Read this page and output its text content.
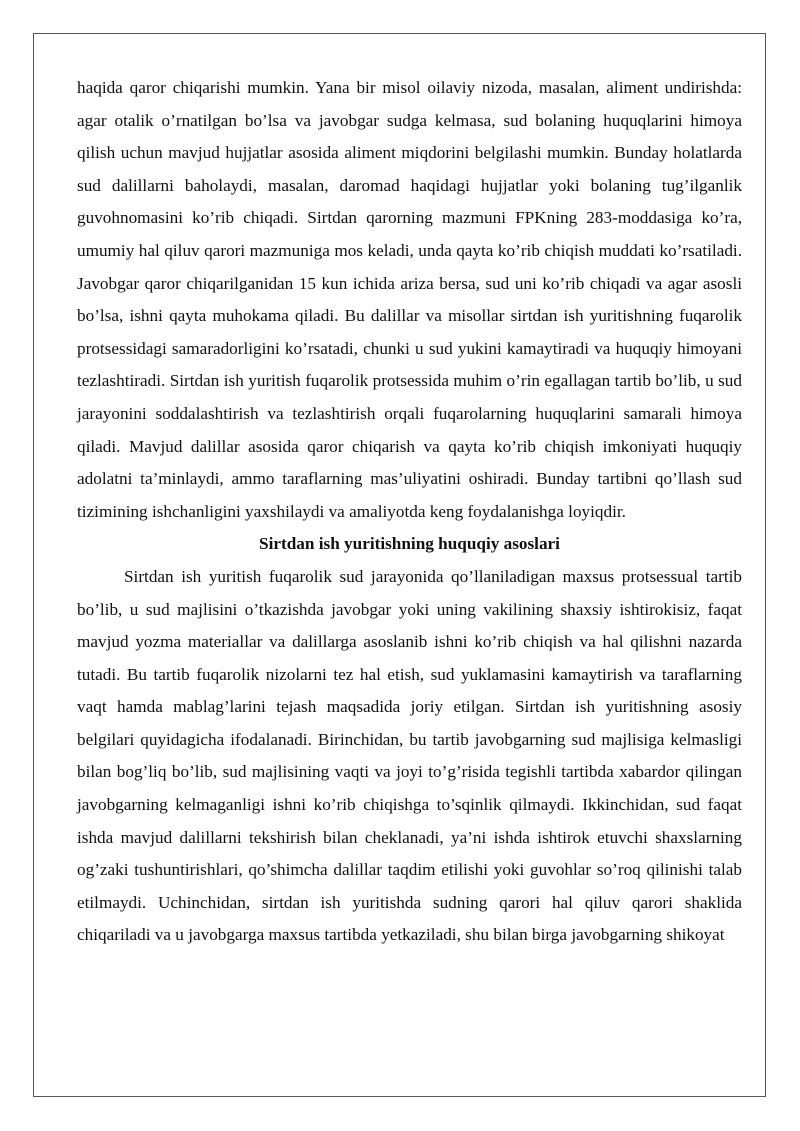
haqida qaror chiqarishi mumkin. Yana bir misol oilaviy nizoda, masalan, aliment undirishda: agar otalik o’rnatilgan bo’lsa va javobgar sudga kelmasa, sud bolaning huquqlarini himoya qilish uchun mavjud hujjatlar asosida aliment miqdorini belgilashi mumkin. Bunday holatlarda sud dalillarni baholaydi, masalan, daromad haqidagi hujjatlar yoki bolaning tug’ilganlik guvohnomasini ko’rib chiqadi. Sirtdan qarorning mazmuni FPKning 283-moddasiga ko’ra, umumiy hal qiluv qarori mazmuniga mos keladi, unda qayta ko’rib chiqish muddati ko’rsatiladi. Javobgar qaror chiqarilganidan 15 kun ichida ariza bersa, sud uni ko’rib chiqadi va agar asosli bo’lsa, ishni qayta muhokama qiladi. Bu dalillar va misollar sirtdan ish yuritishning fuqarolik protsessidagi samaradorligini ko’rsatadi, chunki u sud yukini kamaytiradi va huquqiy himoyani tezlashtiradi. Sirtdan ish yuritish fuqarolik protsessida muhim o’rin egallagan tartib bo’lib, u sud jarayonini soddalashtirish va tezlashtirish orqali fuqarolarning huquqlarini samarali himoya qiladi. Mavjud dalillar asosida qaror chiqarish va qayta ko’rib chiqish imkoniyati huquqiy adolatni ta’minlaydi, ammo taraflarning mas’uliyatini oshiradi. Bunday tartibni qo’llash sud tizimining ishchanligini yaxshilaydi va amaliyotda keng foydalanishga loyiqdir.

Sirtdan ish yuritishning huquqiy asoslari

Sirtdan ish yuritish fuqarolik sud jarayonida qo’llaniladigan maxsus protsessual tartib bo’lib, u sud majlisini o’tkazishda javobgar yoki uning vakilining shaxsiy ishtirokisiz, faqat mavjud yozma materiallar va dalillarga asoslanib ishni ko’rib chiqish va hal qilishni nazarda tutadi. Bu tartib fuqarolik nizolarni tez hal etish, sud yuklamasini kamaytirish va taraflarning vaqt hamda mablag’larini tejash maqsadida joriy etilgan. Sirtdan ish yuritishning asosiy belgilari quyidagicha ifodalanadi. Birinchidan, bu tartib javobgarning sud majlisiga kelmasligi bilan bog’liq bo’lib, sud majlisining vaqti va joyi to’g’risida tegishli tartibda xabardor qilingan javobgarning kelmaganligi ishni ko’rib chiqishga to’sqinlik qilmaydi. Ikkinchidan, sud faqat ishda mavjud dalillarni tekshirish bilan cheklanadi, ya’ni ishda ishtirok etuvchi shaxslarning og’zaki tushuntirishlari, qo’shimcha dalillar taqdim etilishi yoki guvohlar so’roq qilinishi talab etilmaydi. Uchinchidan, sirtdan ish yuritishda sudning qarori hal qiluv qarori shaklida chiqariladi va u javobgarga maxsus tartibda yetkaziladi, shu bilan birga javobgarning shikoyat
